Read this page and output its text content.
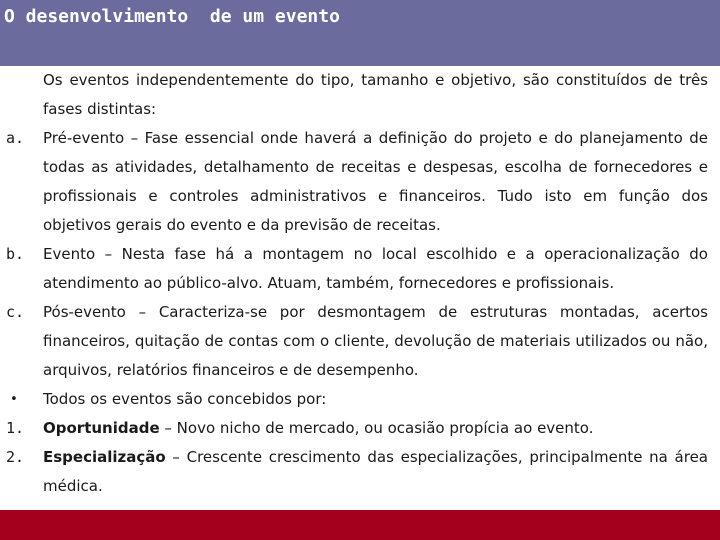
O desenvolvimento  de um evento

Os eventos independentemente do tipo, tamanho e objetivo, são constituídos de três fases distintas:

a. Pré-evento – Fase essencial onde haverá a definição do projeto e do planejamento de todas as atividades, detalhamento de receitas e despesas, escolha de fornecedores e profissionais e controles administrativos e financeiros. Tudo isto em função dos objetivos gerais do evento e da previsão de receitas.

b. Evento – Nesta fase há a montagem no local escolhido e a operacionalização do atendimento ao público-alvo. Atuam, também, fornecedores e profissionais.

c. Pós-evento – Caracteriza-se por desmontagem de estruturas montadas, acertos financeiros, quitação de contas com o cliente, devolução de materiais utilizados ou não, arquivos, relatórios financeiros e de desempenho.

• Todos os eventos são concebidos por:

1. Oportunidade – Novo nicho de mercado, ou ocasião propícia ao evento.

2. Especialização – Crescente crescimento das especializações, principalmente na área médica.
